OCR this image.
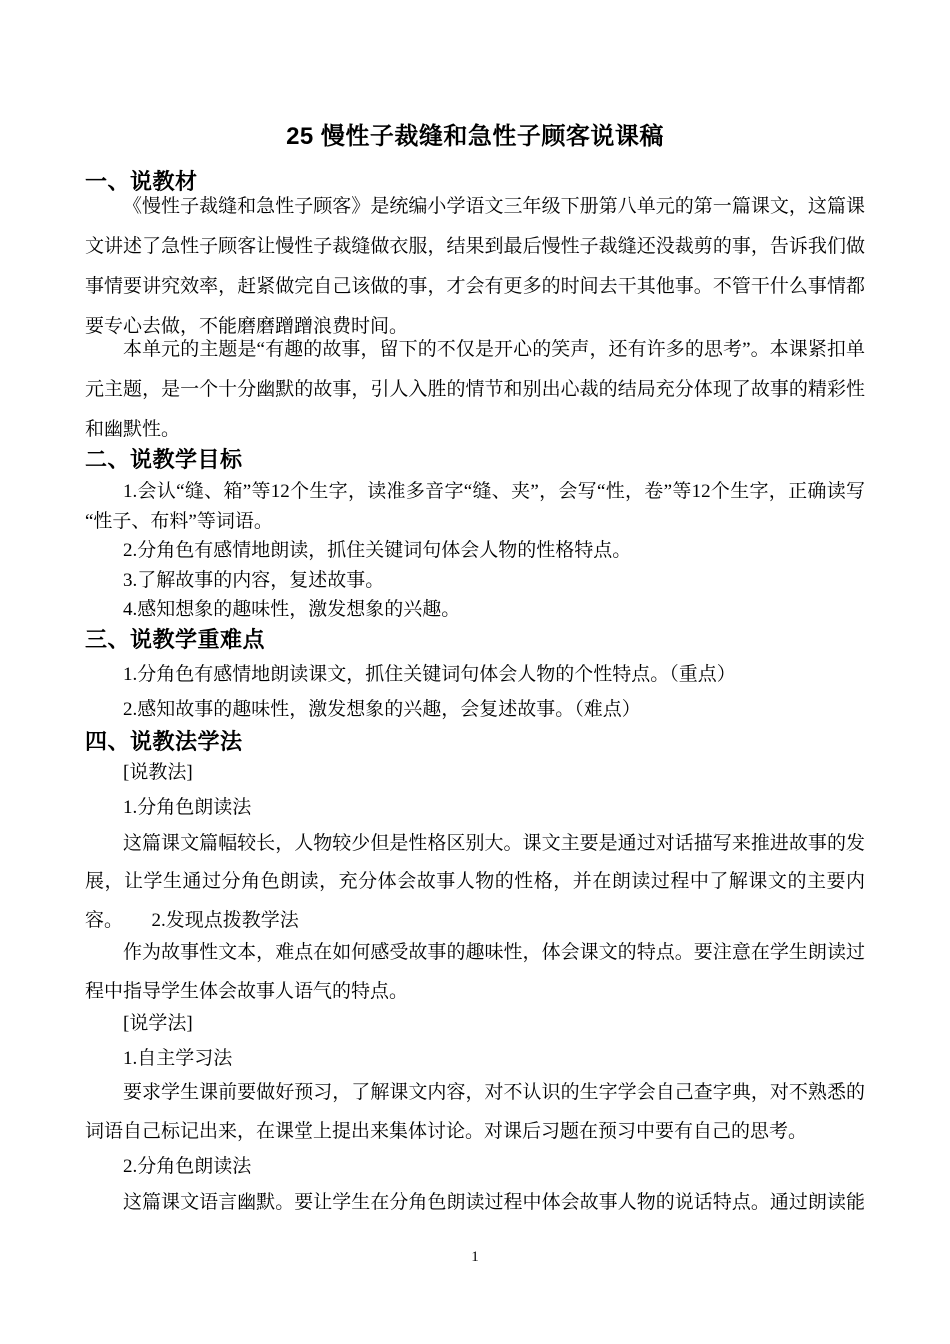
25 慢性子裁缝和急性子顾客说课稿
一、说教材
《慢性子裁缝和急性子顾客》是统编小学语文三年级下册第八单元的第一篇课文，这篇课文讲述了急性子顾客让慢性子裁缝做衣服，结果到最后慢性子裁缝还没裁剪的事，告诉我们做事情要讲究效率，赶紧做完自己该做的事，才会有更多的时间去干其他事。不管干什么事情都要专心去做，不能磨磨蹭蹭浪费时间。
本单元的主题是“有趣的故事，留下的不仅是开心的笑声，还有许多的思考”。本课紧扣单元主题，是一个十分幽默的故事，引人入胜的情节和别出心裁的结局充分体现了故事的精彩性和幽默性。
二、说教学目标
1.会认“缝、箱”等12个生字，读准多音字“缝、夹”，会写“性，卷”等12个生字，正确读写“性子、布料”等词语。
2.分角色有感情地朗读，抓住关键词句体会人物的性格特点。
3.了解故事的内容，复述故事。
4.感知想象的趣味性，激发想象的兴趣。
三、说教学重难点
1.分角色有感情地朗读课文，抓住关键词句体会人物的个性特点。（重点）
2.感知故事的趣味性，激发想象的兴趣，会复述故事。（难点）
四、说教法学法
[说教法]
1.分角色朗读法
这篇课文篇幅较长，人物较少但是性格区别大。课文主要是通过对话描写来推进故事的发展，让学生通过分角色朗读，充分体会故事人物的性格，并在朗读过程中了解课文的主要内容。　　2.发现点拨教学法
作为故事性文本，难点在如何感受故事的趣味性，体会课文的特点。要注意在学生朗读过程中指导学生体会故事人语气的特点。
[说学法]
1.自主学习法
要求学生课前要做好预习，了解课文内容，对不认识的生字学会自己查字典，对不熟悉的词语自己标记出来，在课堂上提出来集体讨论。对课后习题在预习中要有自己的思考。
2.分角色朗读法
这篇课文语言幽默。要让学生在分角色朗读过程中体会故事人物的说话特点。通过朗读能
1
